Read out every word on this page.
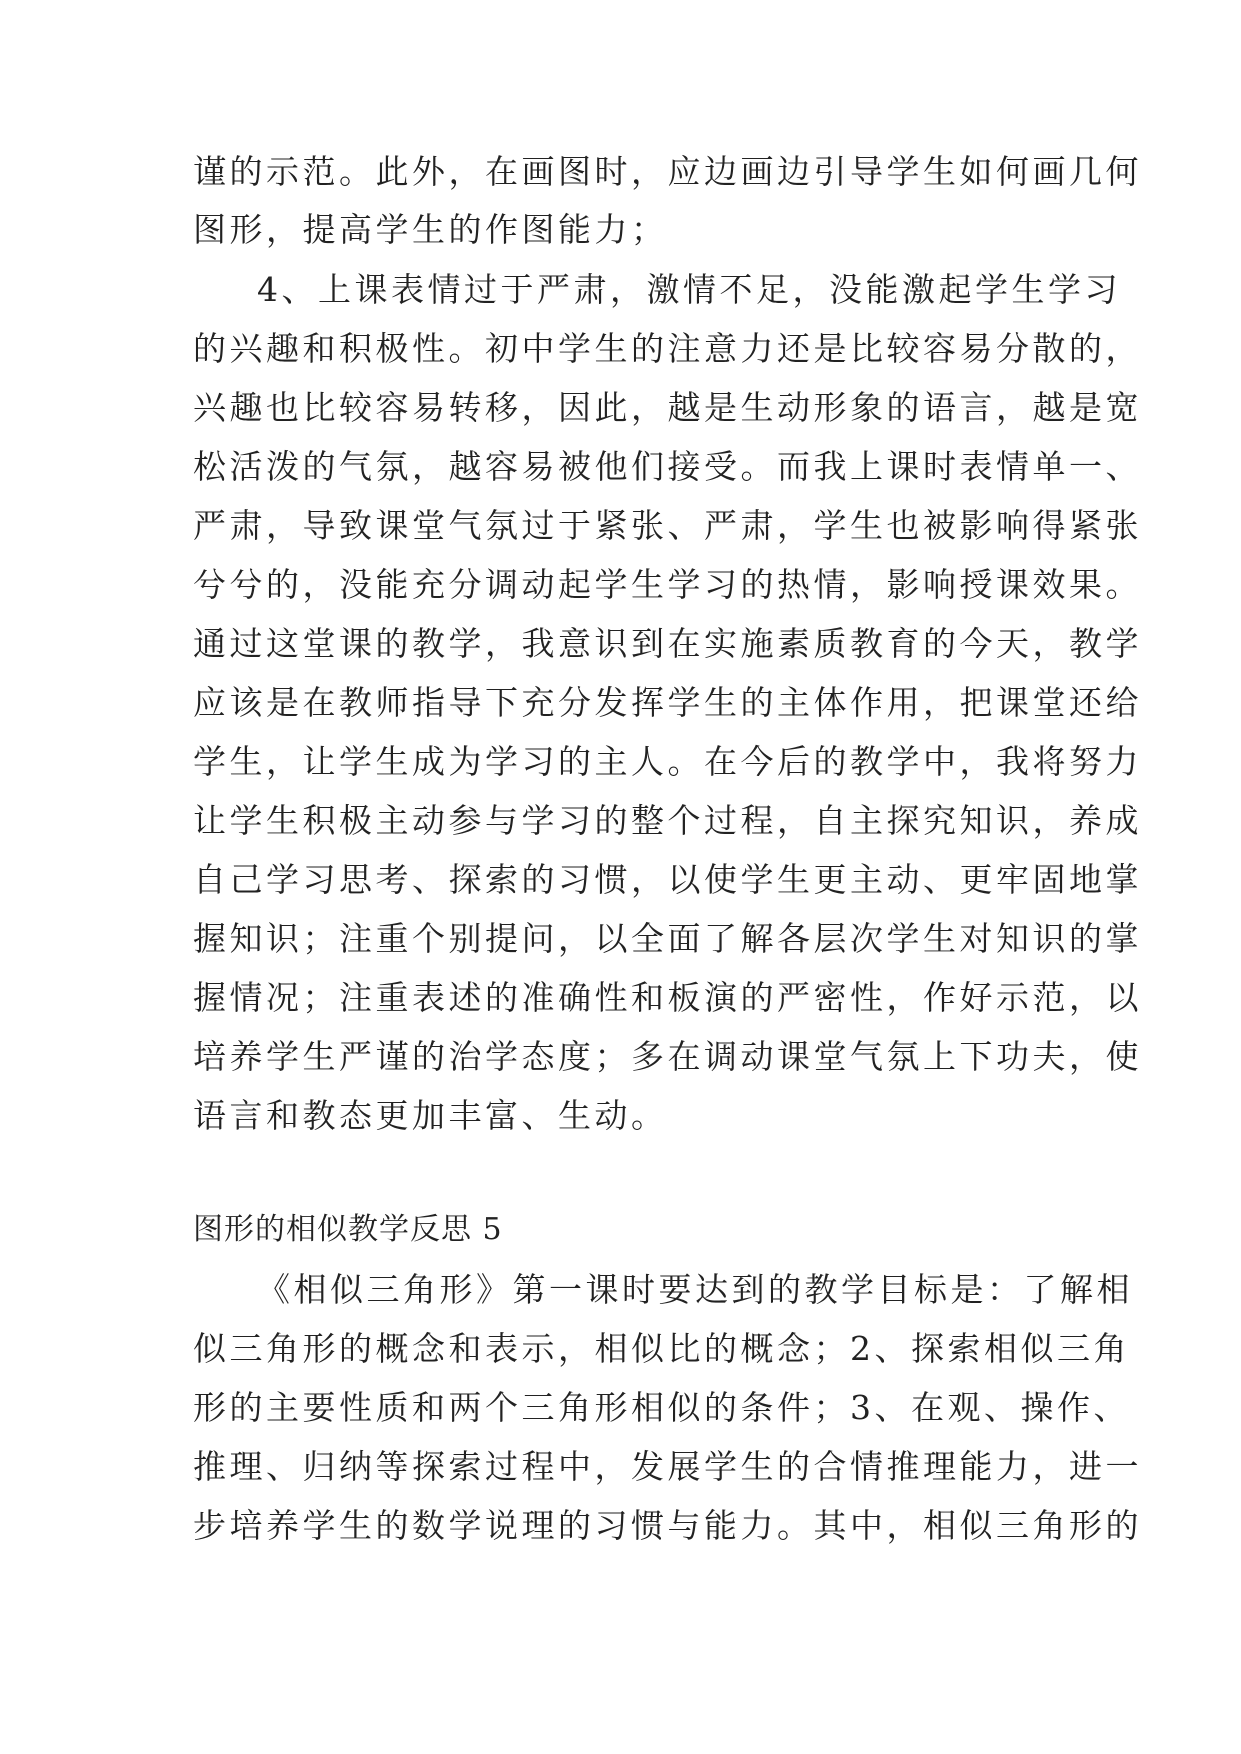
谨的示范。此外，在画图时，应边画边引导学生如何画几何
图形，提高学生的作图能力；
4、上课表情过于严肃，激情不足，没能激起学生学习
的兴趣和积极性。初中学生的注意力还是比较容易分散的，
兴趣也比较容易转移，因此，越是生动形象的语言，越是宽
松活泼的气氛，越容易被他们接受。而我上课时表情单一、
严肃，导致课堂气氛过于紧张、严肃，学生也被影响得紧张
兮兮的，没能充分调动起学生学习的热情，影响授课效果。
通过这堂课的教学，我意识到在实施素质教育的今天，教学
应该是在教师指导下充分发挥学生的主体作用，把课堂还给
学生，让学生成为学习的主人。在今后的教学中，我将努力
让学生积极主动参与学习的整个过程，自主探究知识，养成
自己学习思考、探索的习惯，以使学生更主动、更牢固地掌
握知识；注重个别提问，以全面了解各层次学生对知识的掌
握情况；注重表述的准确性和板演的严密性，作好示范，以
培养学生严谨的治学态度；多在调动课堂气氛上下功夫，使
语言和教态更加丰富、生动。
图形的相似教学反思 5
《相似三角形》第一课时要达到的教学目标是：了解相
似三角形的概念和表示，相似比的概念；2、探索相似三角
形的主要性质和两个三角形相似的条件；3、在观、操作、
推理、归纳等探索过程中，发展学生的合情推理能力，进一
步培养学生的数学说理的习惯与能力。其中，相似三角形的
